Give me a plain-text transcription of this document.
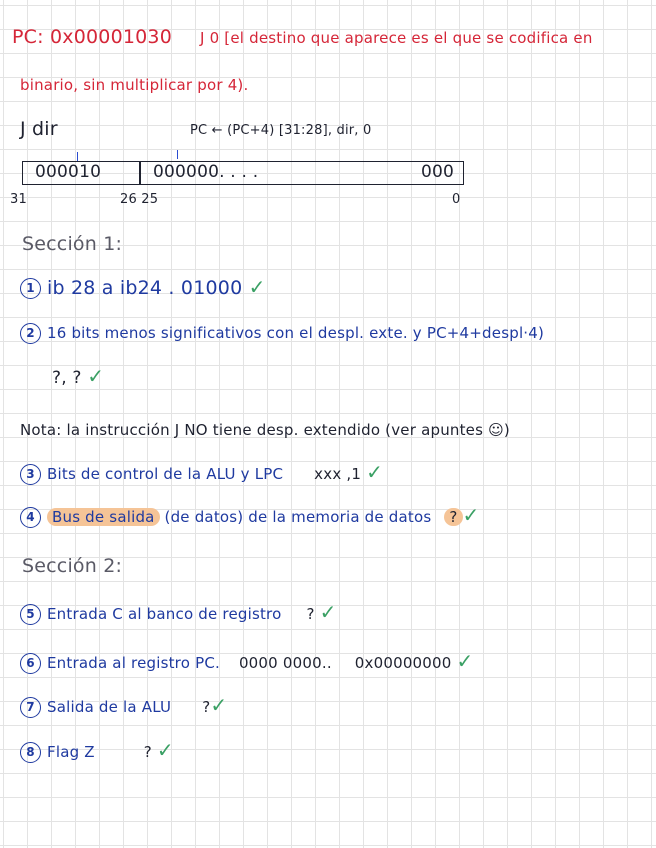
PC: 0x00001030 J 0 [el destino que aparece es el que se codifica en
binario, sin multiplicar por 4).
J dir	PC ← (PC+4) [31:28], dir, 0
000010	000000. . . .	000
31	26 25	0
Sección 1:
1 ib 28 a ib24 . 01000 ✓
2 16 bits menos significativos con el despl. exte. y PC+4+despl·4)
?, ? ✓
Nota: la instrucción J NO tiene desp. extendido (ver apuntes ☺)
3 Bits de control de la ALU y LPC xxx ,1 ✓
4 Bus de salida (de datos) de la memoria de datos ? ✓
Sección 2:
5 Entrada C al banco de registro ? ✓
6 Entrada al registro PC. 0000 0000.. 0x00000000 ✓
7 Salida de la ALU ?✓
8 Flag Z	? ✓
